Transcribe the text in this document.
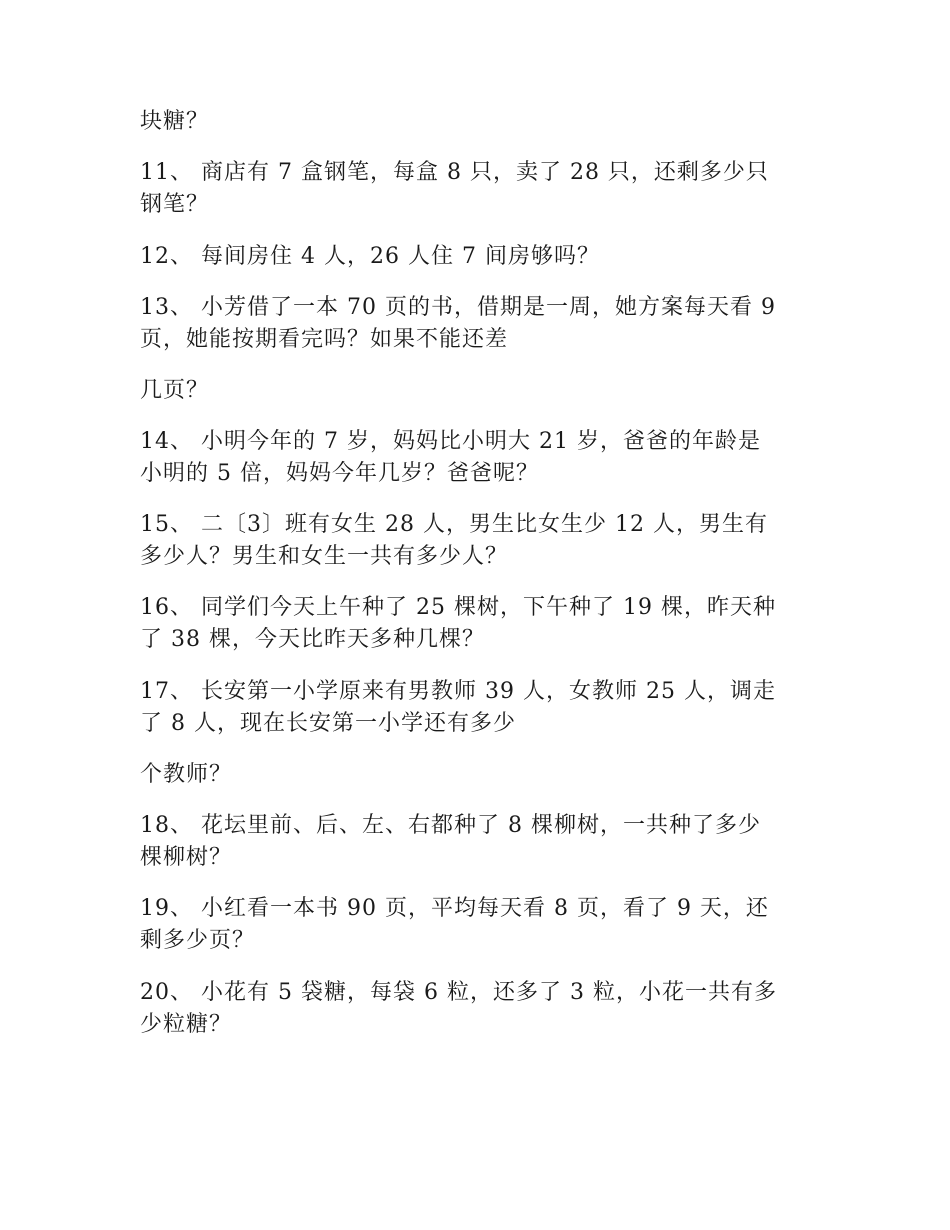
块糖？
11、 商店有 7 盒钢笔，每盒 8 只，卖了 28 只，还剩多少只
钢笔？
12、 每间房住 4 人，26 人住 7 间房够吗？
13、 小芳借了一本 70 页的书，借期是一周，她方案每天看 9
页，她能按期看完吗？如果不能还差
几页？
14、 小明今年的 7 岁，妈妈比小明大 21 岁，爸爸的年龄是
小明的 5 倍，妈妈今年几岁？爸爸呢？
15、 二〔3〕班有女生 28 人，男生比女生少 12 人，男生有
多少人？男生和女生一共有多少人？
16、 同学们今天上午种了 25 棵树，下午种了 19 棵，昨天种
了 38 棵，今天比昨天多种几棵？
17、 长安第一小学原来有男教师 39 人，女教师 25 人，调走
了 8 人，现在长安第一小学还有多少
个教师？
18、 花坛里前、后、左、右都种了 8 棵柳树，一共种了多少
棵柳树？
19、 小红看一本书 90 页，平均每天看 8 页，看了 9 天，还
剩多少页？
20、 小花有 5 袋糖，每袋 6 粒，还多了 3 粒，小花一共有多
少粒糖？
